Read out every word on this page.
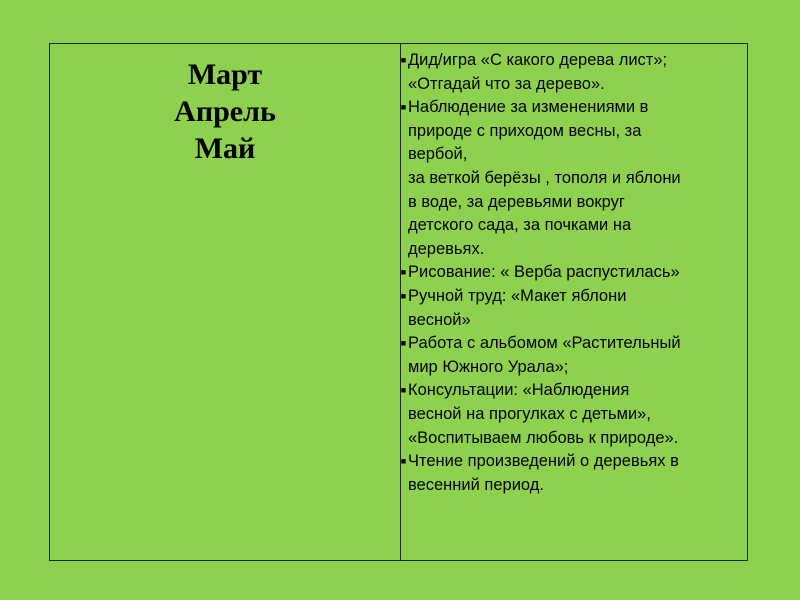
Март
Апрель
Май
■ Дид/игра «С какого дерева лист»;
«Отгадай что за дерево».
■ Наблюдение за изменениями в
природе с приходом весны, за
вербой,
за веткой берёзы , тополя и яблони
в воде, за деревьями вокруг
детского сада, за почками на
деревьях.
■ Рисование: « Верба распустилась»
■ Ручной труд: «Макет яблони
весной»
■ Работа с альбомом «Растительный
мир Южного Урала»;
■ Консультации: «Наблюдения
весной на прогулках с детьми»,
«Воспитываем любовь к природе».
■ Чтение произведений о деревьях в
весенний период.
